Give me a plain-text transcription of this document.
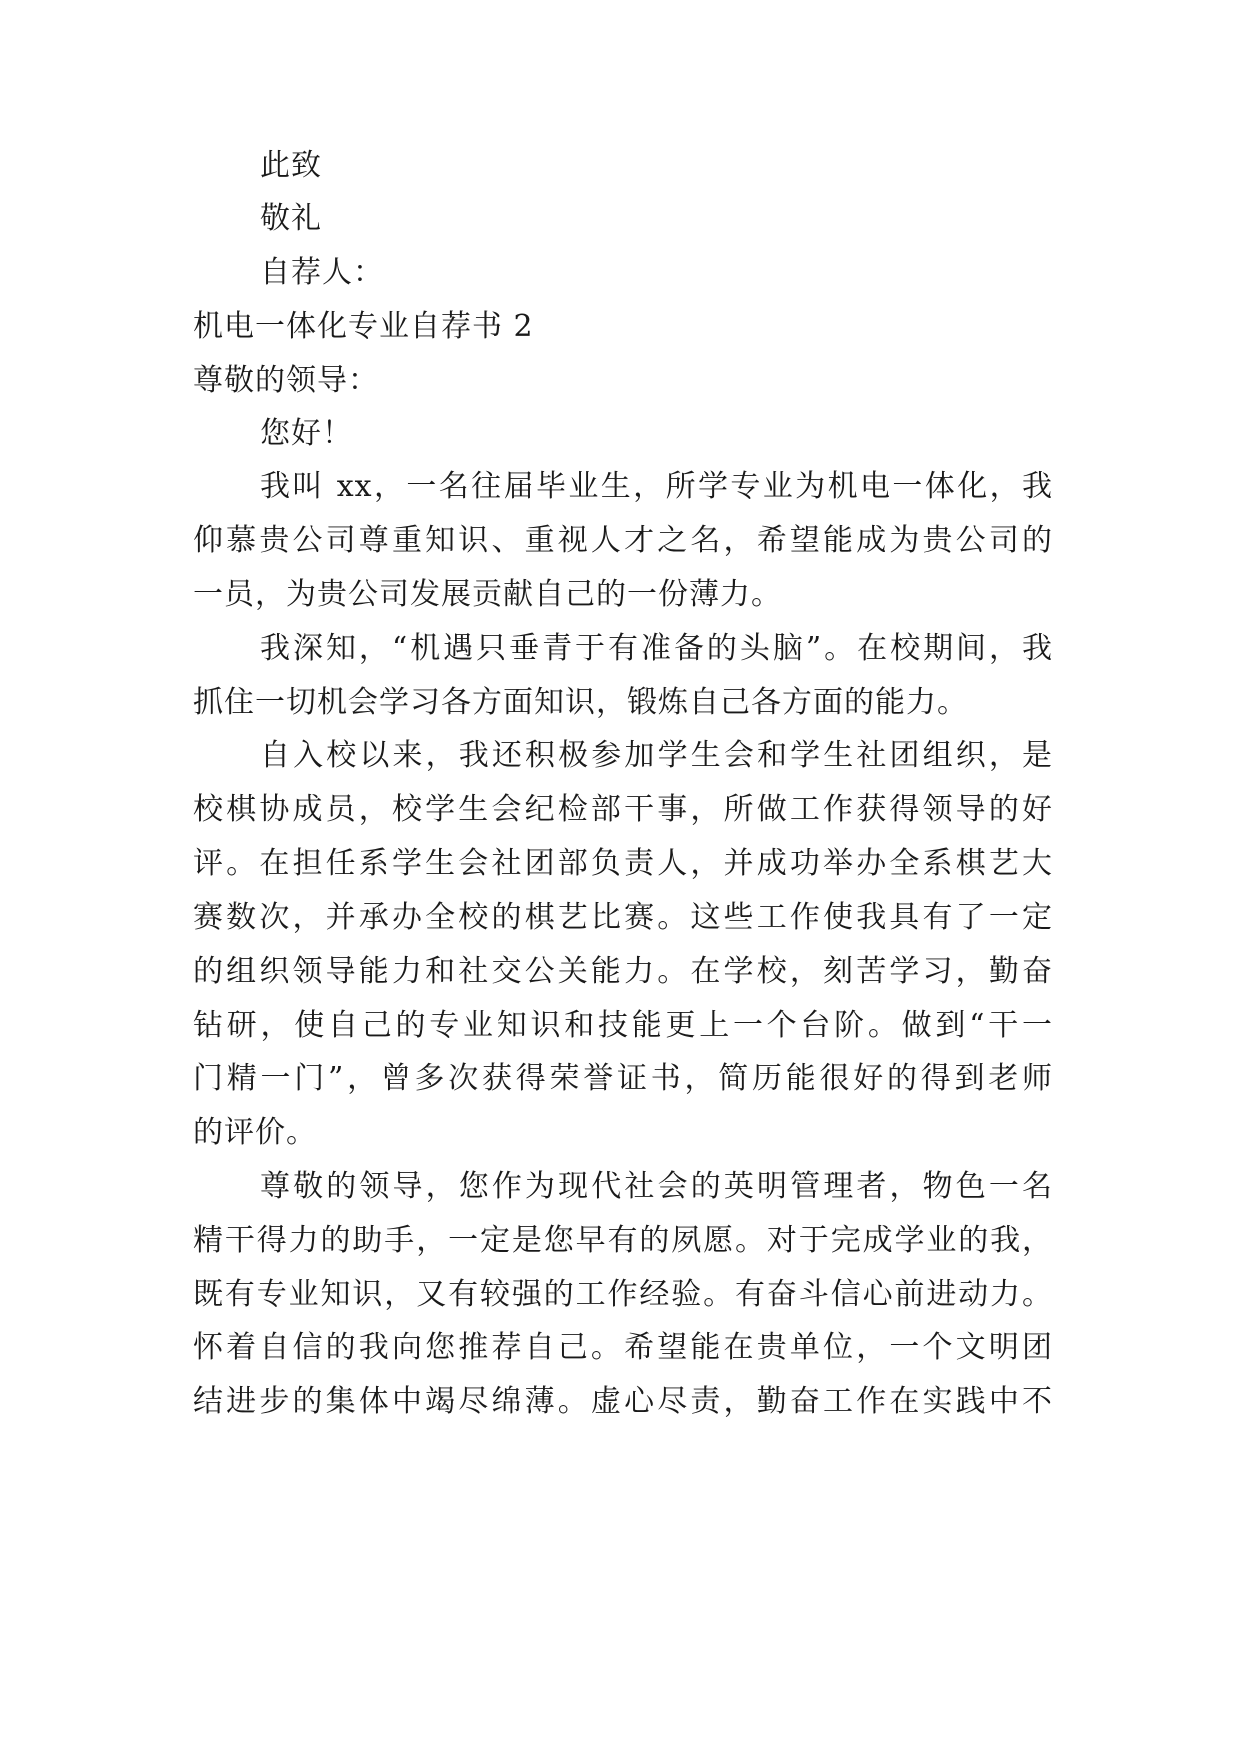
此致
敬礼
自荐人：
机电一体化专业自荐书 2
尊敬的领导：
您好！
我叫 xx，一名往届毕业生，所学专业为机电一体化，我
仰慕贵公司尊重知识、重视人才之名，希望能成为贵公司的
一员，为贵公司发展贡献自己的一份薄力。
我深知，“机遇只垂青于有准备的头脑”。在校期间，我
抓住一切机会学习各方面知识，锻炼自己各方面的能力。
自入校以来，我还积极参加学生会和学生社团组织，是
校棋协成员，校学生会纪检部干事，所做工作获得领导的好
评。在担任系学生会社团部负责人，并成功举办全系棋艺大
赛数次，并承办全校的棋艺比赛。这些工作使我具有了一定
的组织领导能力和社交公关能力。在学校，刻苦学习，勤奋
钻研，使自己的专业知识和技能更上一个台阶。做到“干一
门精一门”，曾多次获得荣誉证书，简历能很好的得到老师
的评价。
尊敬的领导，您作为现代社会的英明管理者，物色一名
精干得力的助手，一定是您早有的夙愿。对于完成学业的我，
既有专业知识，又有较强的工作经验。有奋斗信心前进动力。
怀着自信的我向您推荐自己。希望能在贵单位，一个文明团
结进步的集体中竭尽绵薄。虚心尽责，勤奋工作在实践中不
